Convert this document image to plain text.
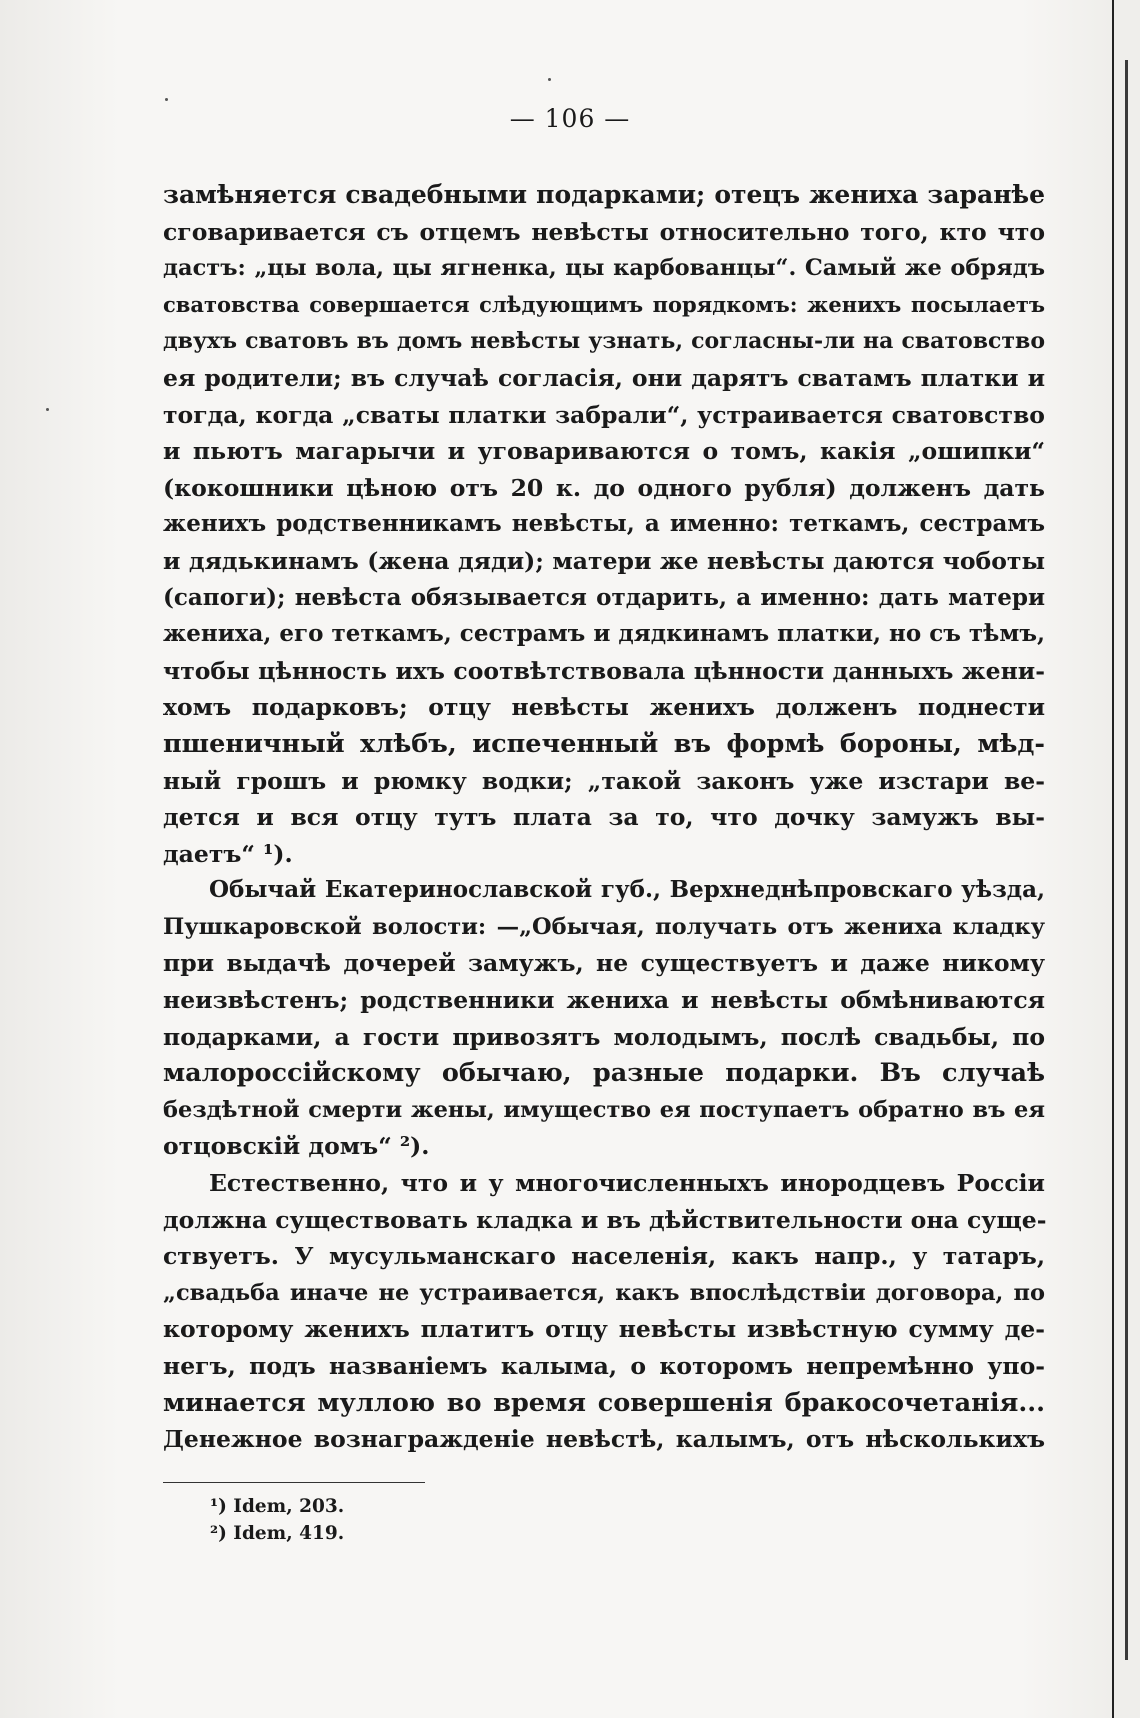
— 106 —
замѣняется свадебными подарками; отецъ жениха заранѣе
сговаривается съ отцемъ невѣсты относительно того, кто что
дастъ: „цы вола, цы ягненка, цы карбованцы“. Самый же обрядъ
сватовства совершается слѣдующимъ порядкомъ: женихъ посылаетъ
двухъ сватовъ въ домъ невѣсты узнать, согласны-ли на сватовство
ея родители; въ случаѣ согласія, они дарятъ сватамъ платки и
тогда, когда „сваты платки забрали“, устраивается сватовство
и пьютъ магарычи и уговариваются о томъ, какія „ошипки“
(кокошники цѣною отъ 20 к. до одного рубля) долженъ дать
женихъ родственникамъ невѣсты, а именно: теткамъ, сестрамъ
и дядькинамъ (жена дяди); матери же невѣсты даются чоботы
(сапоги); невѣста обязывается отдарить, а именно: дать матери
жениха, его теткамъ, сестрамъ и дядкинамъ платки, но съ тѣмъ,
чтобы цѣнность ихъ соотвѣтствовала цѣнности данныхъ жени-
хомъ подарковъ; отцу невѣсты женихъ долженъ поднести
пшеничный хлѣбъ, испеченный въ формѣ бороны, мѣд-
ный грошъ и рюмку водки; „такой законъ уже изстари ве-
дется и вся отцу тутъ плата за то, что дочку замужъ вы-
даетъ“ ¹).
Обычай Екатеринославской губ., Верхнеднѣпровскаго уѣзда,
Пушкаровской волости: —„Обычая, получать отъ жениха кладку
при выдачѣ дочерей замужъ, не существуетъ и даже никому
неизвѣстенъ; родственники жениха и невѣсты обмѣниваются
подарками, а гости привозятъ молодымъ, послѣ свадьбы, по
малороссійскому обычаю, разные подарки. Въ случаѣ
бездѣтной смерти жены, имущество ея поступаетъ обратно въ ея
отцовскій домъ“ ²).
Естественно, что и у многочисленныхъ инородцевъ Россіи
должна существовать кладка и въ дѣйствительности она суще-
ствуетъ. У мусульманскаго населенія, какъ напр., у татаръ,
„свадьба иначе не устраивается, какъ впослѣдствіи договора, по
которому женихъ платитъ отцу невѣсты извѣстную сумму де-
негъ, подъ названіемъ калыма, о которомъ непремѣнно упо-
минается муллою во время совершенія бракосочетанія...
Денежное вознагражденіе невѣстѣ, калымъ, отъ нѣсколькихъ
¹) Idem, 203.
²) Idem, 419.
